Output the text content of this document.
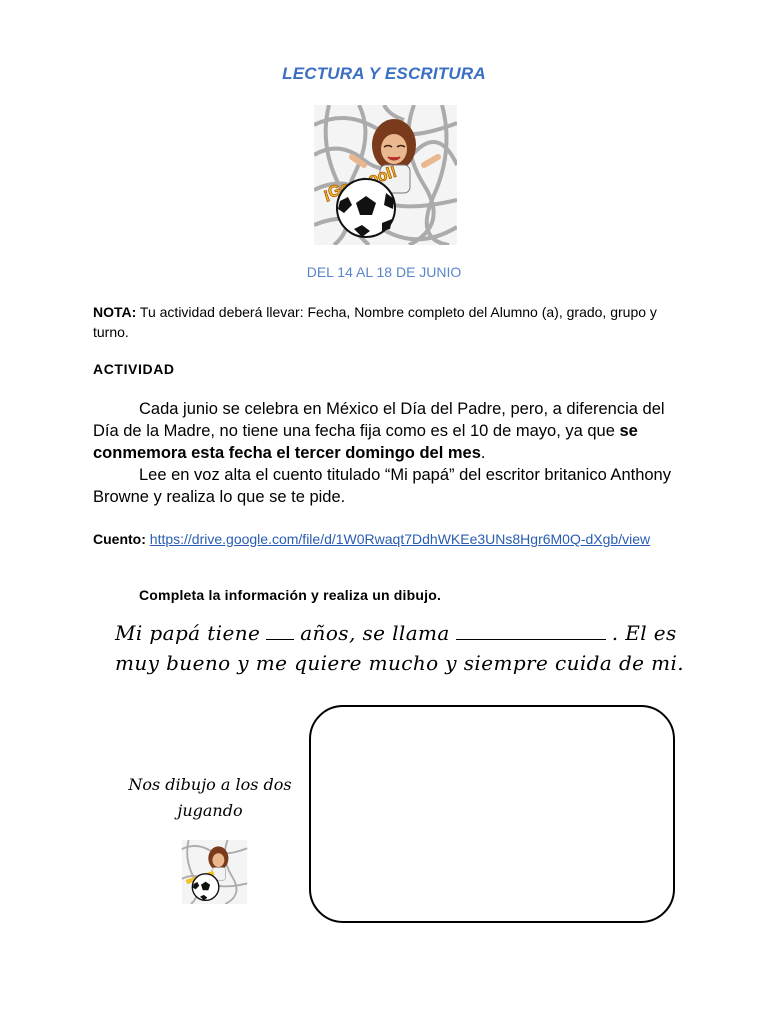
LECTURA Y ESCRITURA
DEL 14 AL 18 DE JUNIO
NOTA: Tu actividad deberá llevar: Fecha, Nombre completo del Alumno (a), grado, grupo y turno.
ACTIVIDAD
Cada junio se celebra en México el Día del Padre, pero, a diferencia del Día de la Madre, no tiene una fecha fija como es el 10 de mayo, ya que se conmemora esta fecha el tercer domingo del mes.
Lee en voz alta el cuento titulado “Mi papá” del escritor britanico Anthony Browne y realiza lo que se te pide.
Cuento: https://drive.google.com/file/d/1W0Rwaqt7DdhWKEe3UNs8Hgr6M0Q-dXgb/view
Completa la información y realiza un dibujo.
Mi papá tiene años, se llama	. El es
muy bueno y me quiere mucho y siempre cuida de mi.
Nos dibujo a los dos jugando
